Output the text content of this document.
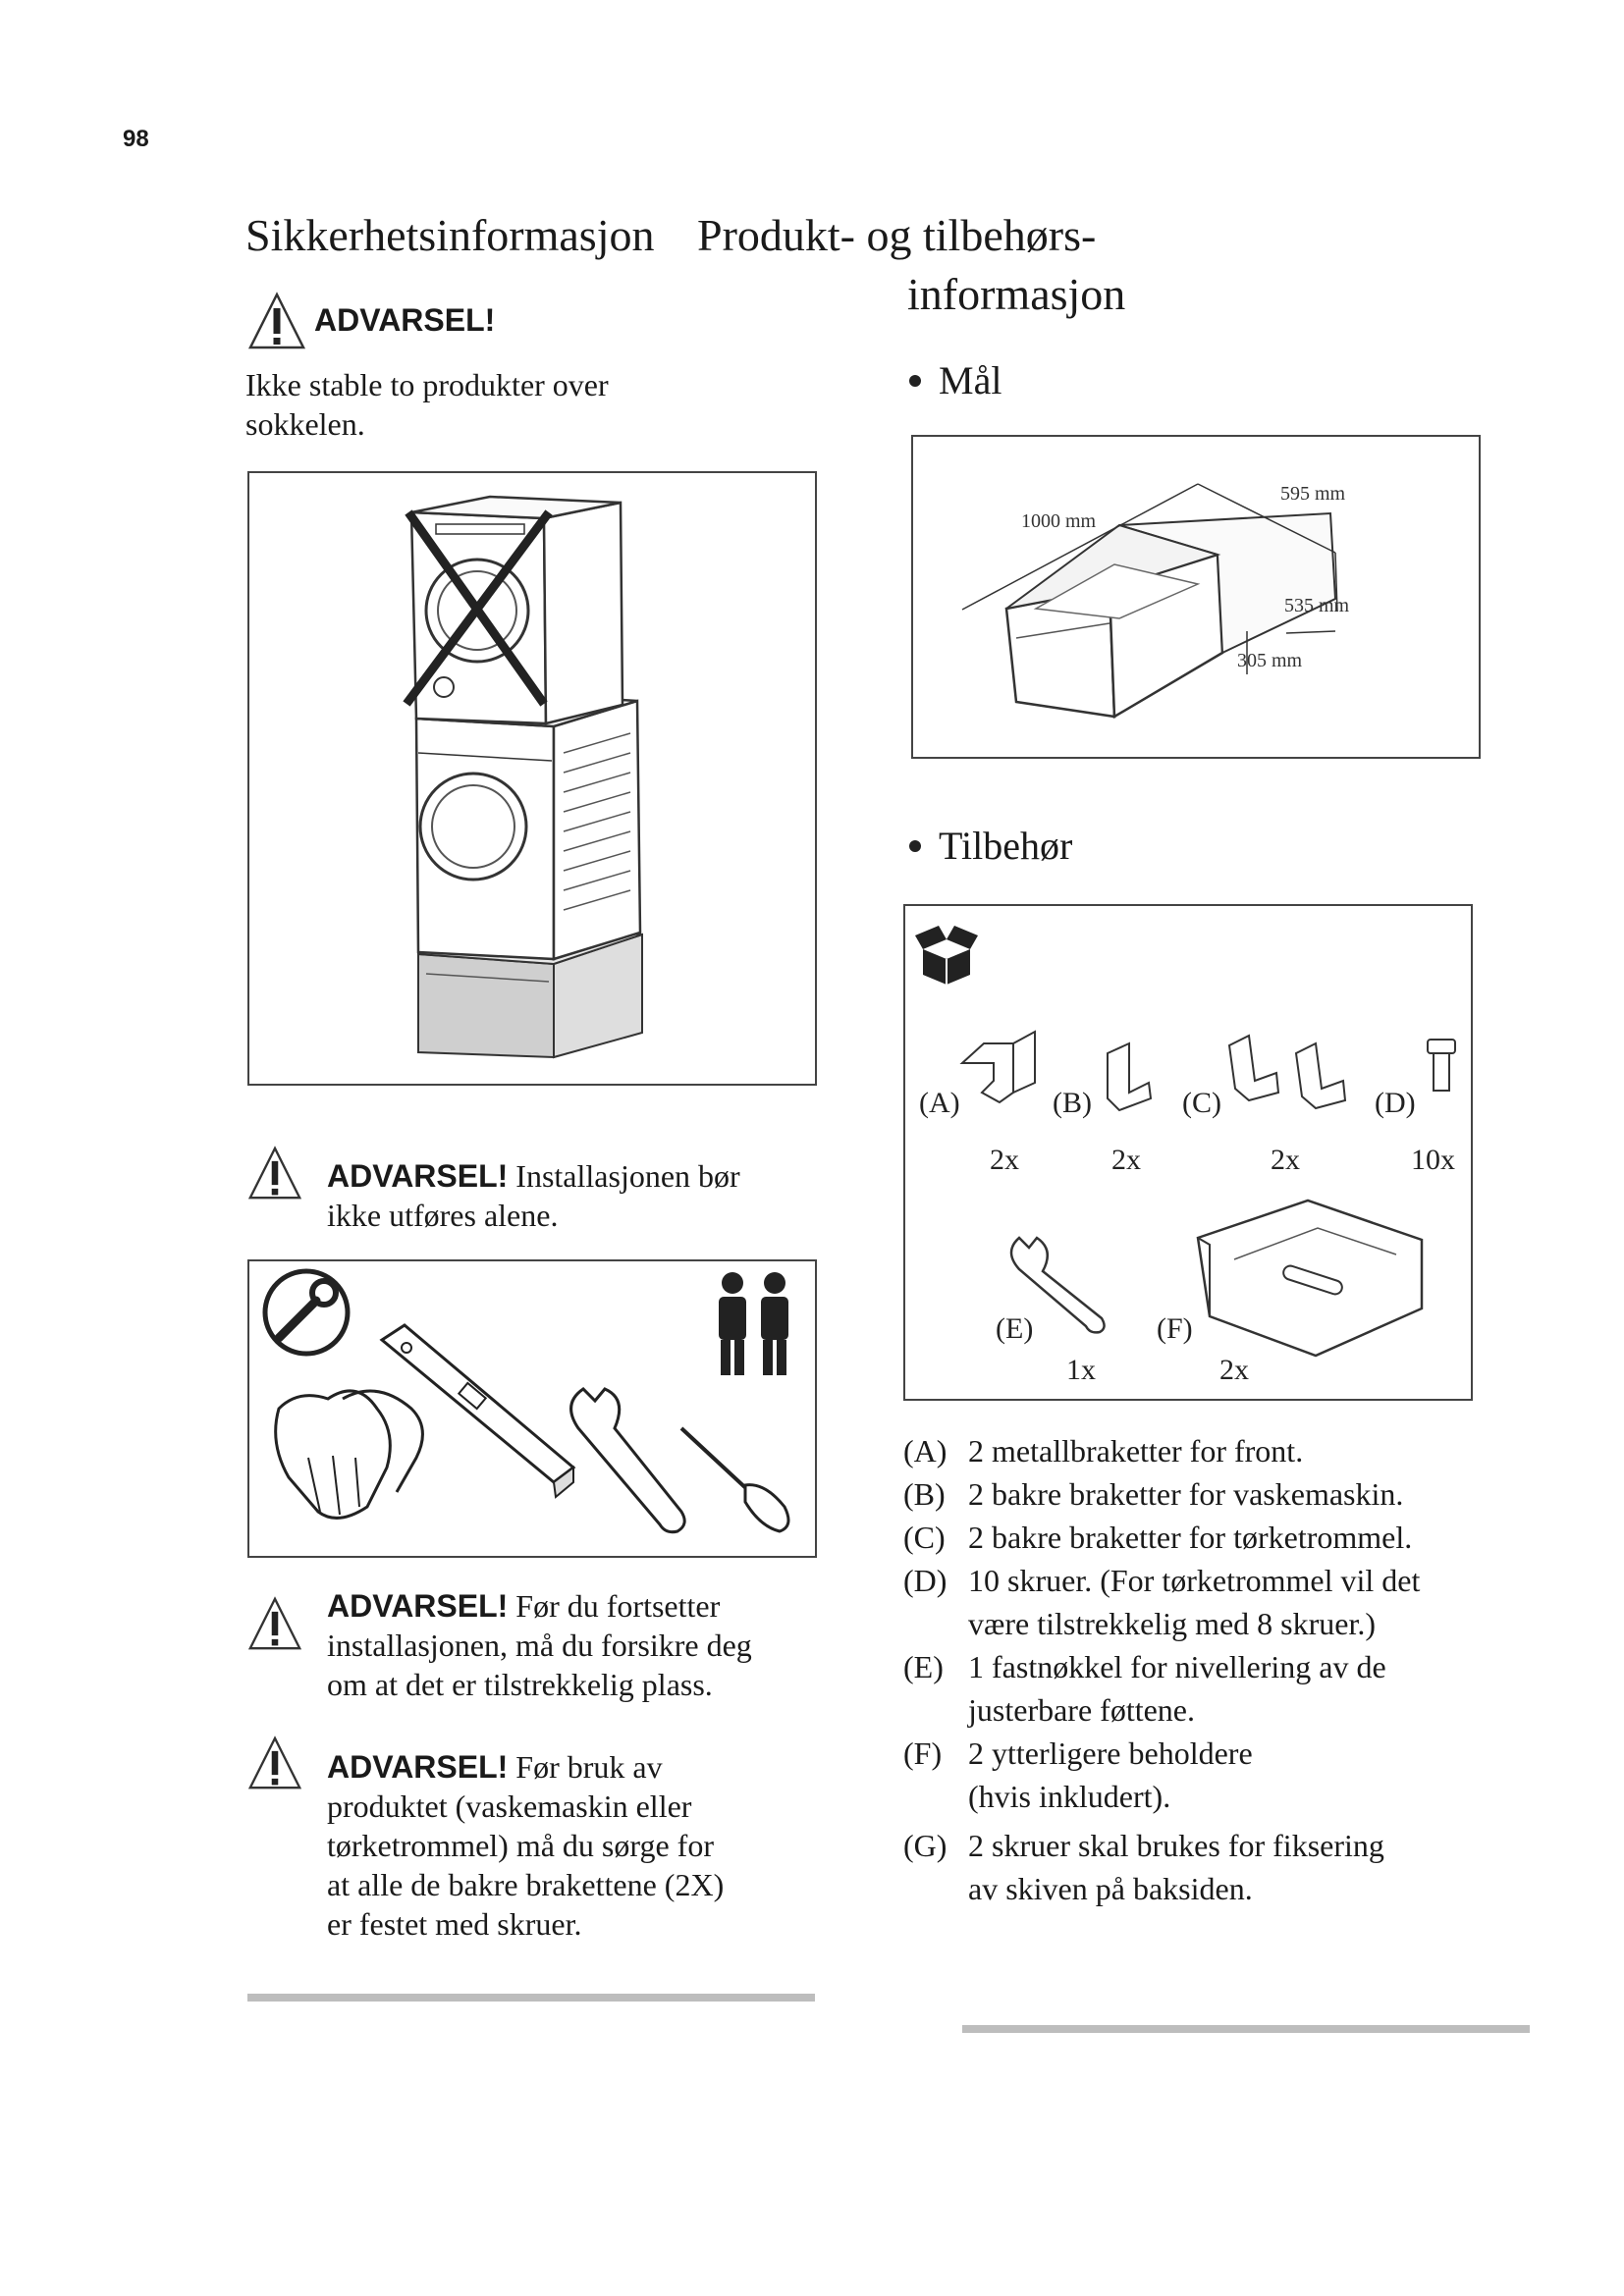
98
Sikkerhetsinformasjon
ADVARSEL!
Ikke stable to produkter over
sokkelen.
ADVARSEL! Installasjonen bør
ikke utføres alene.
ADVARSEL! Før du fortsetter
installasjonen, må du forsikre deg
om at det er tilstrekkelig plass.
ADVARSEL! Før bruk av
produktet (vaskemaskin eller
tørketrommel) må du sørge for
at alle de bakre brakettene (2X)
er festet med skruer.
Produkt- og tilbehørs-
informasjon
Mål
595 mm
1000 mm
535 mm
305 mm
Tilbehør
(A)	(B)	(C)	(D)
2x	2x	2x	10x
(E)	(F)
1x	2x
(A) 2 metallbraketter for front.
(B) 2 bakre braketter for vaskemaskin.
(C) 2 bakre braketter for tørketrommel.
(D) 10 skruer. (For tørketrommel vil det
være tilstrekkelig med 8 skruer.)
(E) 1 fastnøkkel for nivellering av de
justerbare føttene.
(F) 2 ytterligere beholdere
(hvis inkludert).
(G) 2 skruer skal brukes for fiksering
av skiven på baksiden.
